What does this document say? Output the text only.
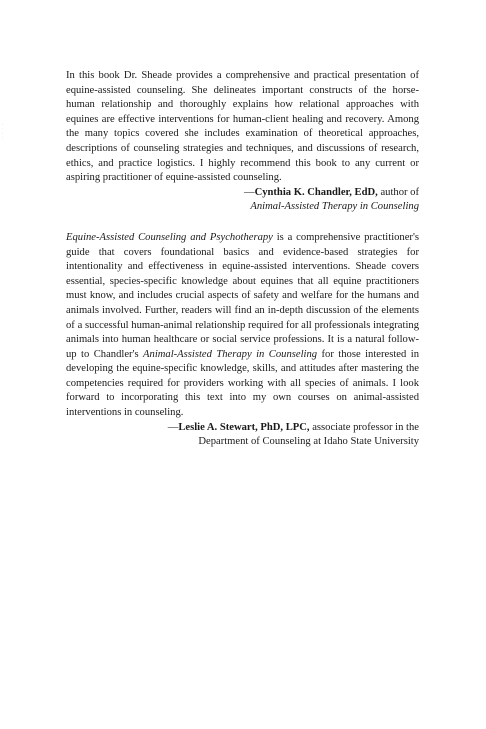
· · · ·

In this book Dr. Sheade provides a comprehensive and practical presentation of equine-assisted counseling. She delineates important constructs of the horse-human relationship and thoroughly explains how relational approaches with equines are effective interventions for human-client healing and recovery. Among the many topics covered she includes examination of theoretical approaches, descriptions of counseling strategies and techniques, and discussions of research, ethics, and practice logistics. I highly recommend this book to any current or aspiring practitioner of equine-assisted counseling.

—Cynthia K. Chandler, EdD, author of

Animal-Assisted Therapy in Counseling

Equine-Assisted Counseling and Psychotherapy is a comprehensive practitioner's guide that covers foundational basics and evidence-based strategies for intentionality and effectiveness in equine-assisted interventions. Sheade covers essential, species-specific knowledge about equines that all equine practitioners must know, and includes crucial aspects of safety and welfare for the humans and animals involved. Further, readers will find an in-depth discussion of the elements of a successful human-animal relationship required for all professionals integrating animals into human healthcare or social service professions. It is a natural follow-up to Chandler's Animal-Assisted Therapy in Counseling for those interested in developing the equine-specific knowledge, skills, and attitudes after mastering the competencies required for providers working with all species of animals. I look forward to incorporating this text into my own courses on animal-assisted interventions in counseling.

—Leslie A. Stewart, PhD, LPC, associate professor in the

Department of Counseling at Idaho State University
